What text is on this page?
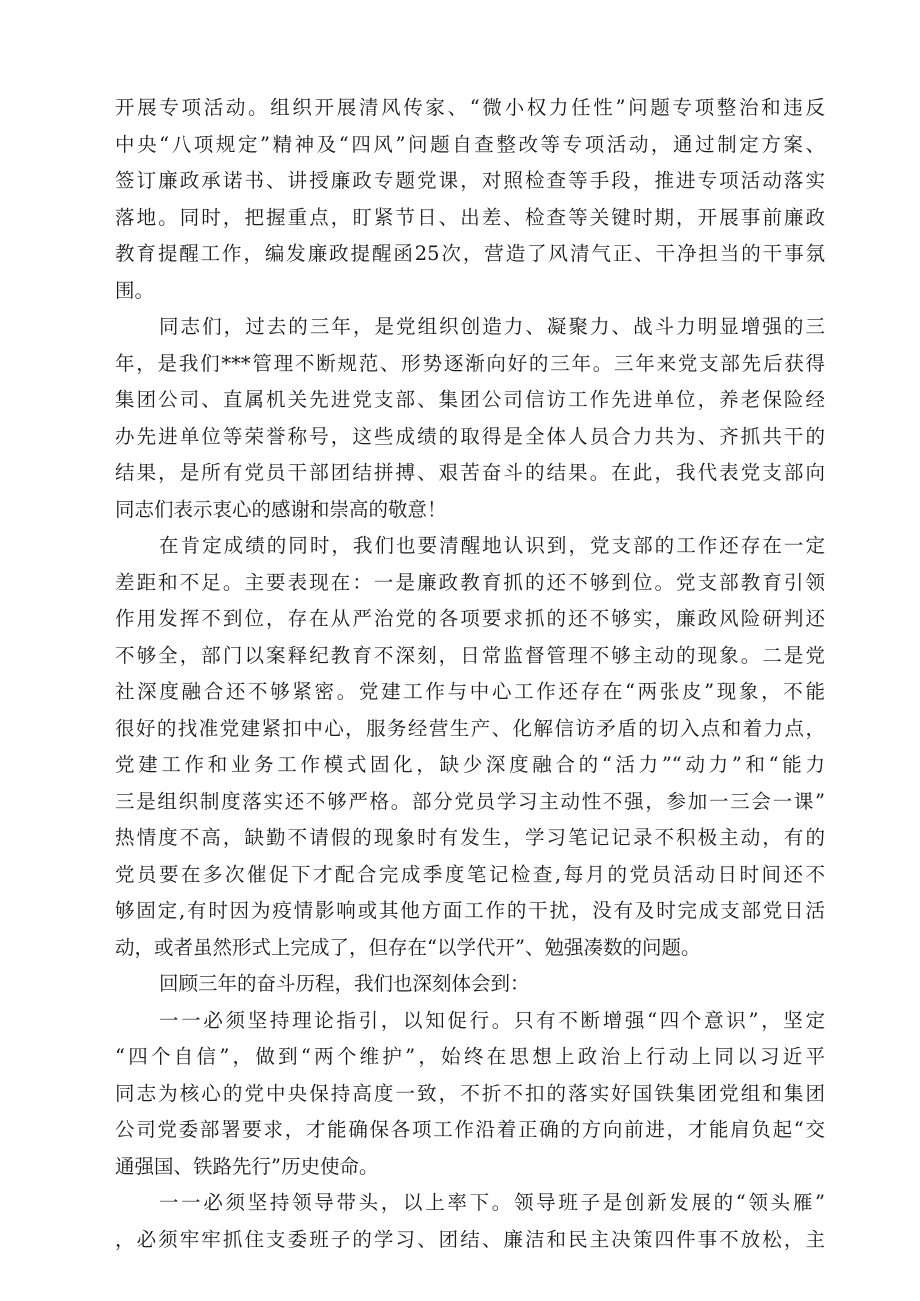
开展专项活动。组织开展清风传家、“微小权力任性”问题专项整治和违反
中央“八项规定”精神及“四风”问题自查整改等专项活动，通过制定方案、
签订廉政承诺书、讲授廉政专题党课，对照检查等手段，推进专项活动落实
落地。同时，把握重点，盯紧节日、出差、检查等关键时期，开展事前廉政
教育提醒工作，编发廉政提醒函25次，营造了风清气正、干净担当的干事氛
围。
同志们，过去的三年，是党组织创造力、凝聚力、战斗力明显增强的三
年，是我们***管理不断规范、形势逐渐向好的三年。三年来党支部先后获得
集团公司、直属机关先进党支部、集团公司信访工作先进单位，养老保险经
办先进单位等荣誉称号，这些成绩的取得是全体人员合力共为、齐抓共干的
结果，是所有党员干部团结拼搏、艰苦奋斗的结果。在此，我代表党支部向
同志们表示衷心的感谢和崇高的敬意！
在肯定成绩的同时，我们也要清醒地认识到，党支部的工作还存在一定
差距和不足。主要表现在：一是廉政教育抓的还不够到位。党支部教育引领
作用发挥不到位，存在从严治党的各项要求抓的还不够实，廉政风险研判还
不够全，部门以案释纪教育不深刻，日常监督管理不够主动的现象。二是党
社深度融合还不够紧密。党建工作与中心工作还存在“两张皮”现象，不能
很好的找准党建紧扣中心，服务经营生产、化解信访矛盾的切入点和着力点，
党建工作和业务工作模式固化，缺少深度融合的“活力”“动力”和“能力
三是组织制度落实还不够严格。部分党员学习主动性不强，参加一三会一课”
热情度不高，缺勤不请假的现象时有发生，学习笔记记录不积极主动，有的
党员要在多次催促下才配合完成季度笔记检查,每月的党员活动日时间还不
够固定,有时因为疫情影响或其他方面工作的干扰，没有及时完成支部党日活
动，或者虽然形式上完成了，但存在“以学代开”、勉强凑数的问题。
回顾三年的奋斗历程，我们也深刻体会到：
一一必须坚持理论指引，以知促行。只有不断增强“四个意识”，坚定
“四个自信”，做到“两个维护”，始终在思想上政治上行动上同以习近平
同志为核心的党中央保持高度一致，不折不扣的落实好国铁集团党组和集团
公司党委部署要求，才能确保各项工作沿着正确的方向前进，才能肩负起“交
通强国、铁路先行”历史使命。
一一必须坚持领导带头，以上率下。领导班子是创新发展的“领头雁”
，必须牢牢抓住支委班子的学习、团结、廉洁和民主决策四件事不放松，主
